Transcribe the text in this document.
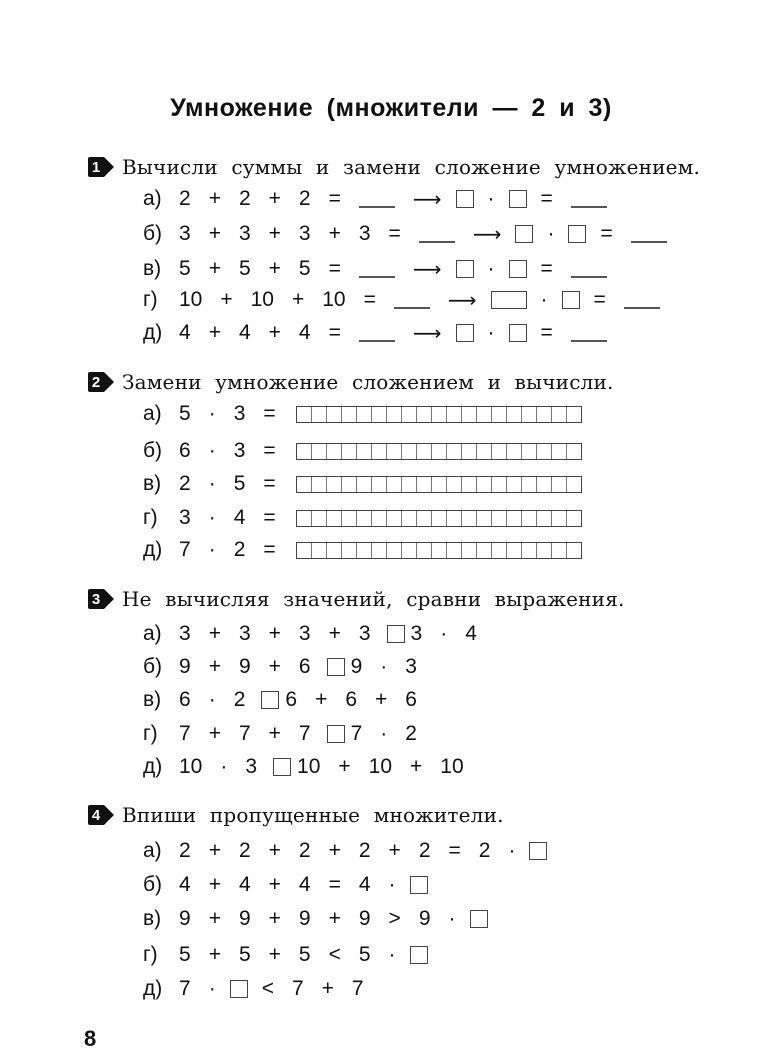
Умножение (множители — 2 и 3)
1 Вычисли суммы и замени сложение умножением.
а) 2 + 2 + 2 =	⟶ · =
б) 3 + 3 + 3 + 3 =	⟶ · =
в) 5 + 5 + 5 =	⟶ · =
г)	10 + 10 + 10 =	⟶	· =
д) 4 + 4 + 4 =	⟶ · =
2 Замени умножение сложением и вычисли.
а) 5 · 3 =
б) 6 · 3 =
в) 2 · 5 =
г)	3 · 4 =
д) 7 · 2 =
3 Не вычисляя значений, сравни выражения.
а) 3 + 3 + 3 + 3 3 · 4
б) 9 + 9 + 6 9 · 3
в) 6 · 2 6 + 6 + 6
г)	7 + 7 + 7 7 · 2
д) 10 · 3 10 + 10 + 10
4 Впиши пропущенные множители.
а) 2 + 2 + 2 + 2 + 2 = 2 ·
б) 4 + 4 + 4 = 4 ·
в) 9 + 9 + 9 + 9 > 9 ·
г)	5 + 5 + 5 < 5 ·
д) 7 · < 7 + 7
8
